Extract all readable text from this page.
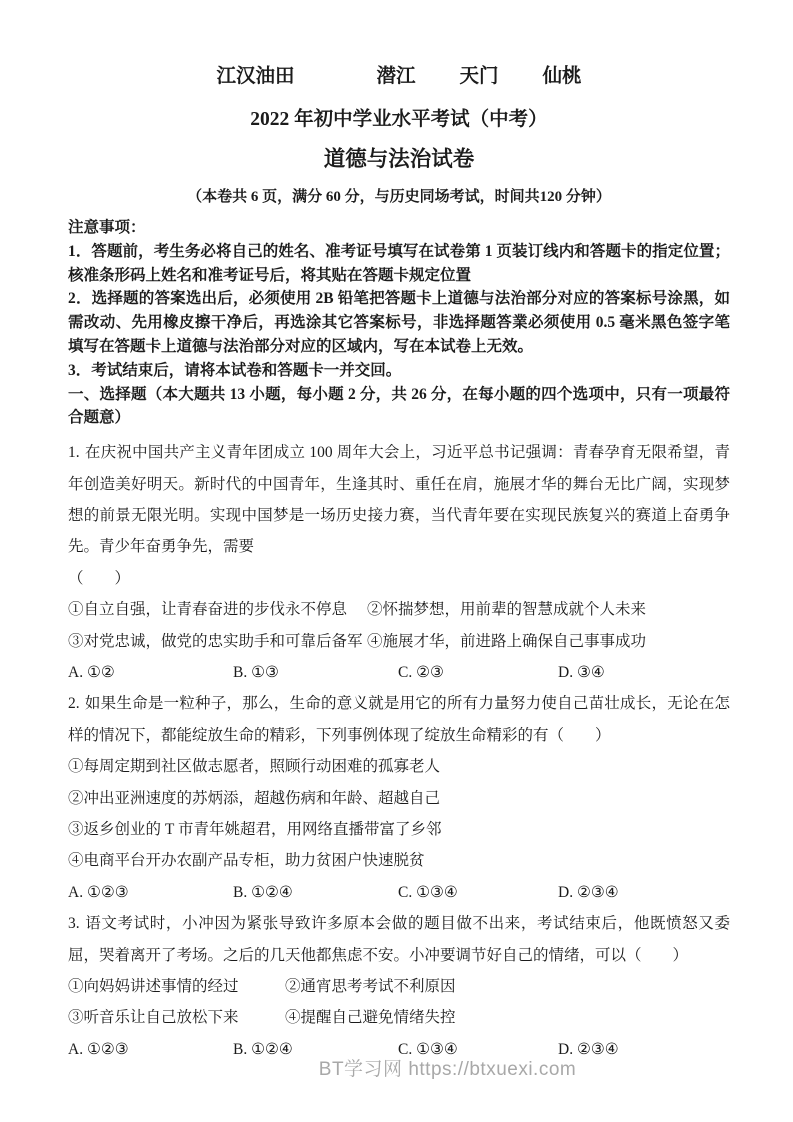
江汉油田	潜江 天门 仙桃
2022 年初中学业水平考试（中考）
道德与法治试卷
（本卷共 6 页，满分 60 分，与历史同场考试，时间共120 分钟）

注意事项：

1．答题前，考生务必将自己的姓名、准考证号填写在试卷第 1 页装订线内和答题卡的指定位置；核准条形码上姓名和准考证号后，将其贴在答题卡规定位置

2．选择题的答案选出后，必须使用 2B 铅笔把答题卡上道德与法治部分对应的答案标号涂黑，如需改动、先用橡皮擦干净后，再选涂其它答案标号，非选择题答業必须使用 0.5 毫米黑色签字笔填写在答题卡上道德与法治部分对应的区域内，写在本试卷上无效。

3．考试结束后，请将本试卷和答题卡一并交回。

一、选择题（本大题共 13 小题，每小题 2 分，共 26 分，在每小题的四个选项中，只有一项最符合题意）

1. 在庆祝中国共产主义青年团成立 100 周年大会上，习近平总书记强调：青春孕育无限希望，青年创造美好明天。新时代的中国青年，生逢其时、重任在肩，施展才华的舞台无比广阔，实现梦想的前景无限光明。实现中国梦是一场历史接力赛，当代青年要在实现民族复兴的赛道上奋勇争先。青少年奋勇争先，需要

（　　）

①自立自强，让青春奋进的步伐永不停息	②怀揣梦想，用前辈的智慧成就个人未来
③对党忠诚，做党的忠实助手和可靠后备军 ④施展才华，前进路上确保自己事事成功
A. ①②	B. ①③	C. ②③	D. ③④

2. 如果生命是一粒种子，那么，生命的意义就是用它的所有力量努力使自己苗壮成长，无论在怎样的情况下，都能绽放生命的精彩，下列事例体现了绽放生命精彩的有（　　）

①每周定期到社区做志愿者，照顾行动困难的孤寡老人
②冲出亚洲速度的苏炳添，超越伤病和年龄、超越自己
③返乡创业的 T 市青年姚超君，用网络直播带富了乡邻
④电商平台开办农副产品专柜，助力贫困户快速脱贫
A. ①②③	B. ①②④	C. ①③④	D. ②③④

3. 语文考试时，小冲因为紧张导致许多原本会做的题目做不出来，考试结束后，他既愤怒又委屈，哭着离开了考场。之后的几天他都焦虑不安。小冲要调节好自己的情绪，可以（　　）

①向妈妈讲述事情的经过	②通宵思考考试不利原因
③听音乐让自己放松下来	④提醒自己避免情绪失控
A. ①②③	B. ①②④	C. ①③④	D. ②③④
BT学习网 https://btxuexi.com
